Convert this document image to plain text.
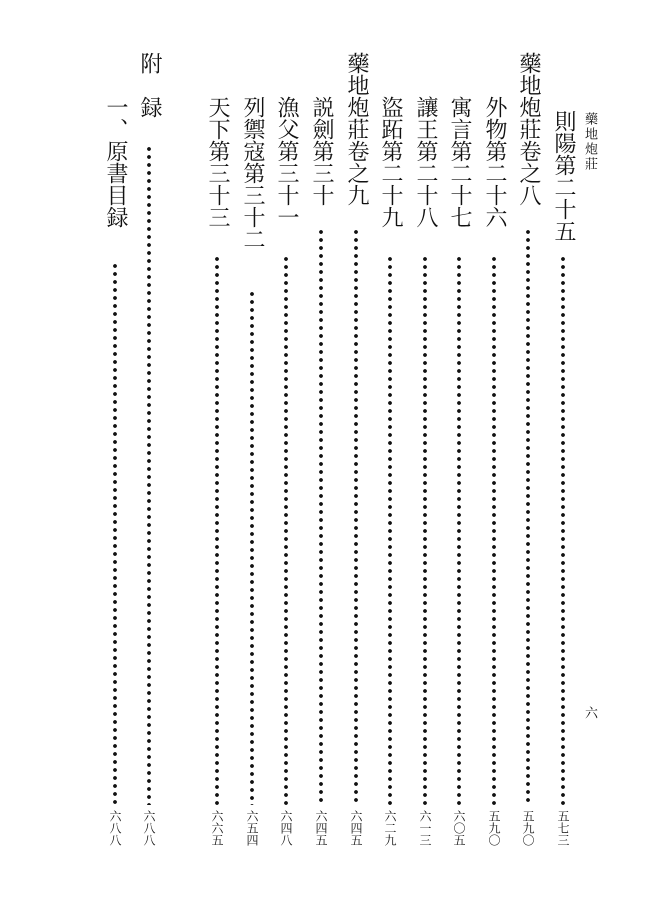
藥地炮莊
六
則陽第二十五
五七三
藥地炮莊卷之八
五九〇
外物第二十六
五九〇
寓言第二十七
六〇五
讓王第二十八
六一三
盜跖第二十九
六二九
藥地炮莊卷之九
六四五
説劍第三十
六四五
漁父第三十一
六四八
列禦寇第三十二
六五四
天下第三十三
六六五
附　録
六八八
一、原書目録
六八八
